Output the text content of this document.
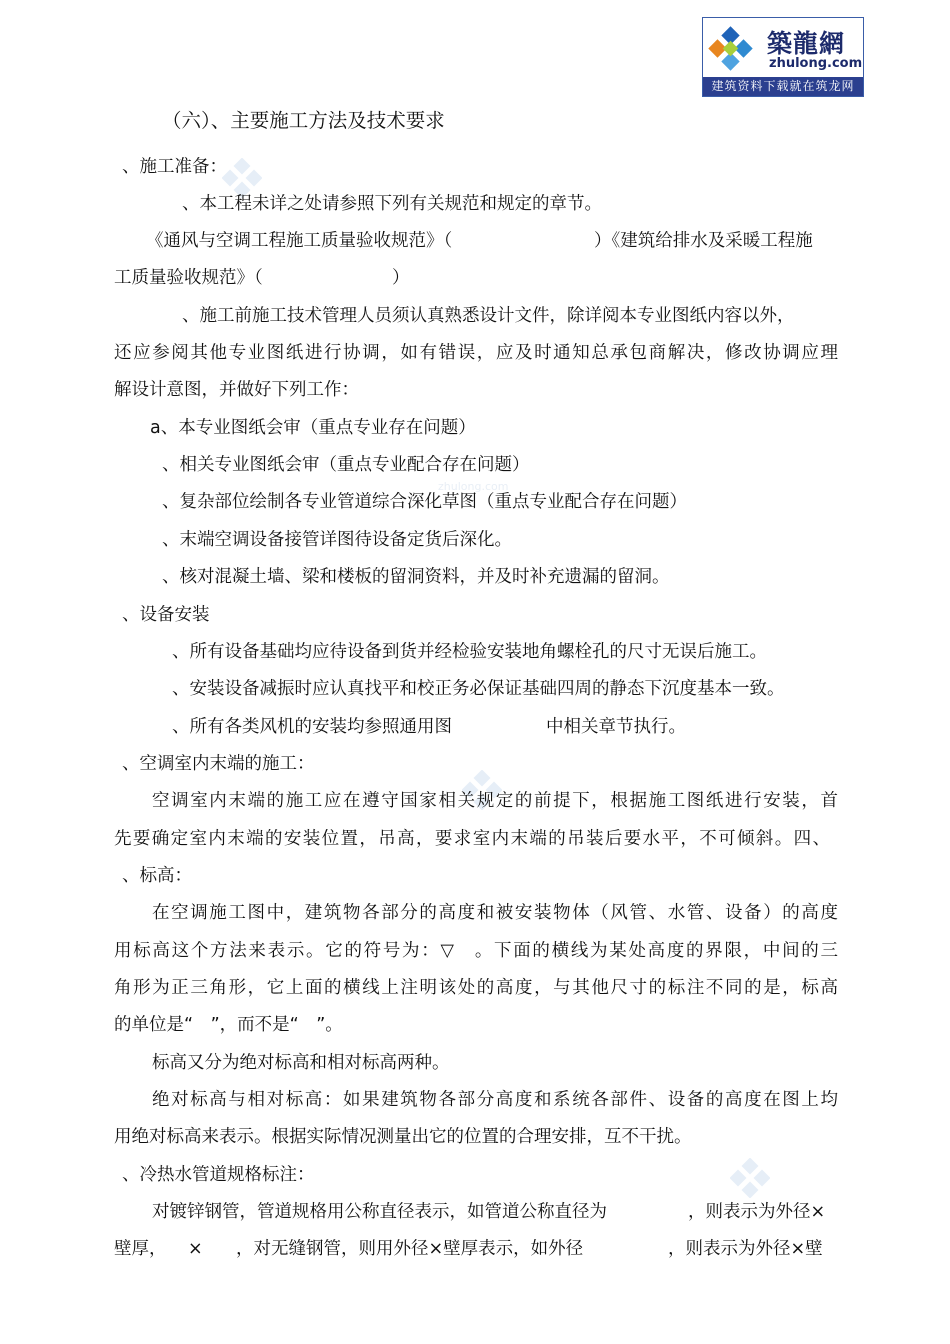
築龍網
zhulong.com
建筑资料下载就在筑龙网
zhulong.com
（六）、主要施工方法及技术要求
、施工准备：
、本工程未详之处请参照下列有关规范和规定的章节。
《通风与空调工程施工质量验收规范》（	）《建筑给排水及采暖工程施
工质量验收规范》（	）
、施工前施工技术管理人员须认真熟悉设计文件，除详阅本专业图纸内容以外，
还应参阅其他专业图纸进行协调，如有错误，应及时通知总承包商解决，修改协调应理
解设计意图，并做好下列工作：
a、本专业图纸会审（重点专业存在问题）
、相关专业图纸会审（重点专业配合存在问题）
、复杂部位绘制各专业管道综合深化草图（重点专业配合存在问题）
、末端空调设备接管详图待设备定货后深化。
、核对混凝土墙、梁和楼板的留洞资料，并及时补充遗漏的留洞。
、设备安装
、所有设备基础均应待设备到货并经检验安装地角螺栓孔的尺寸无误后施工。
、安装设备减振时应认真找平和校正务必保证基础四周的静态下沉度基本一致。
、所有各类风机的安装均参照通用图	中相关章节执行。
、空调室内末端的施工：
空调室内末端的施工应在遵守国家相关规定的前提下，根据施工图纸进行安装，首
先要确定室内末端的安装位置，吊高，要求室内末端的吊装后要水平，不可倾斜。四、
、标高：
在空调施工图中，建筑物各部分的高度和被安装物体（风管、水管、设备）的高度
用标高这个方法来表示。它的符号为：▽　。下面的横线为某处高度的界限，中间的三
角形为正三角形，它上面的横线上注明该处的高度，与其他尺寸的标注不同的是，标高
的单位是“　”，而不是“　”。
标高又分为绝对标高和相对标高两种。
绝对标高与相对标高：如果建筑物各部分高度和系统各部件、设备的高度在图上均
用绝对标高来表示。根据实际情况测量出它的位置的合理安排，互不干扰。
、冷热水管道规格标注：
对镀锌钢管，管道规格用公称直径表示，如管道公称直径为	，则表示为外径×
壁厚， × ，对无缝钢管，则用外径×壁厚表示，如外径	，则表示为外径×壁
